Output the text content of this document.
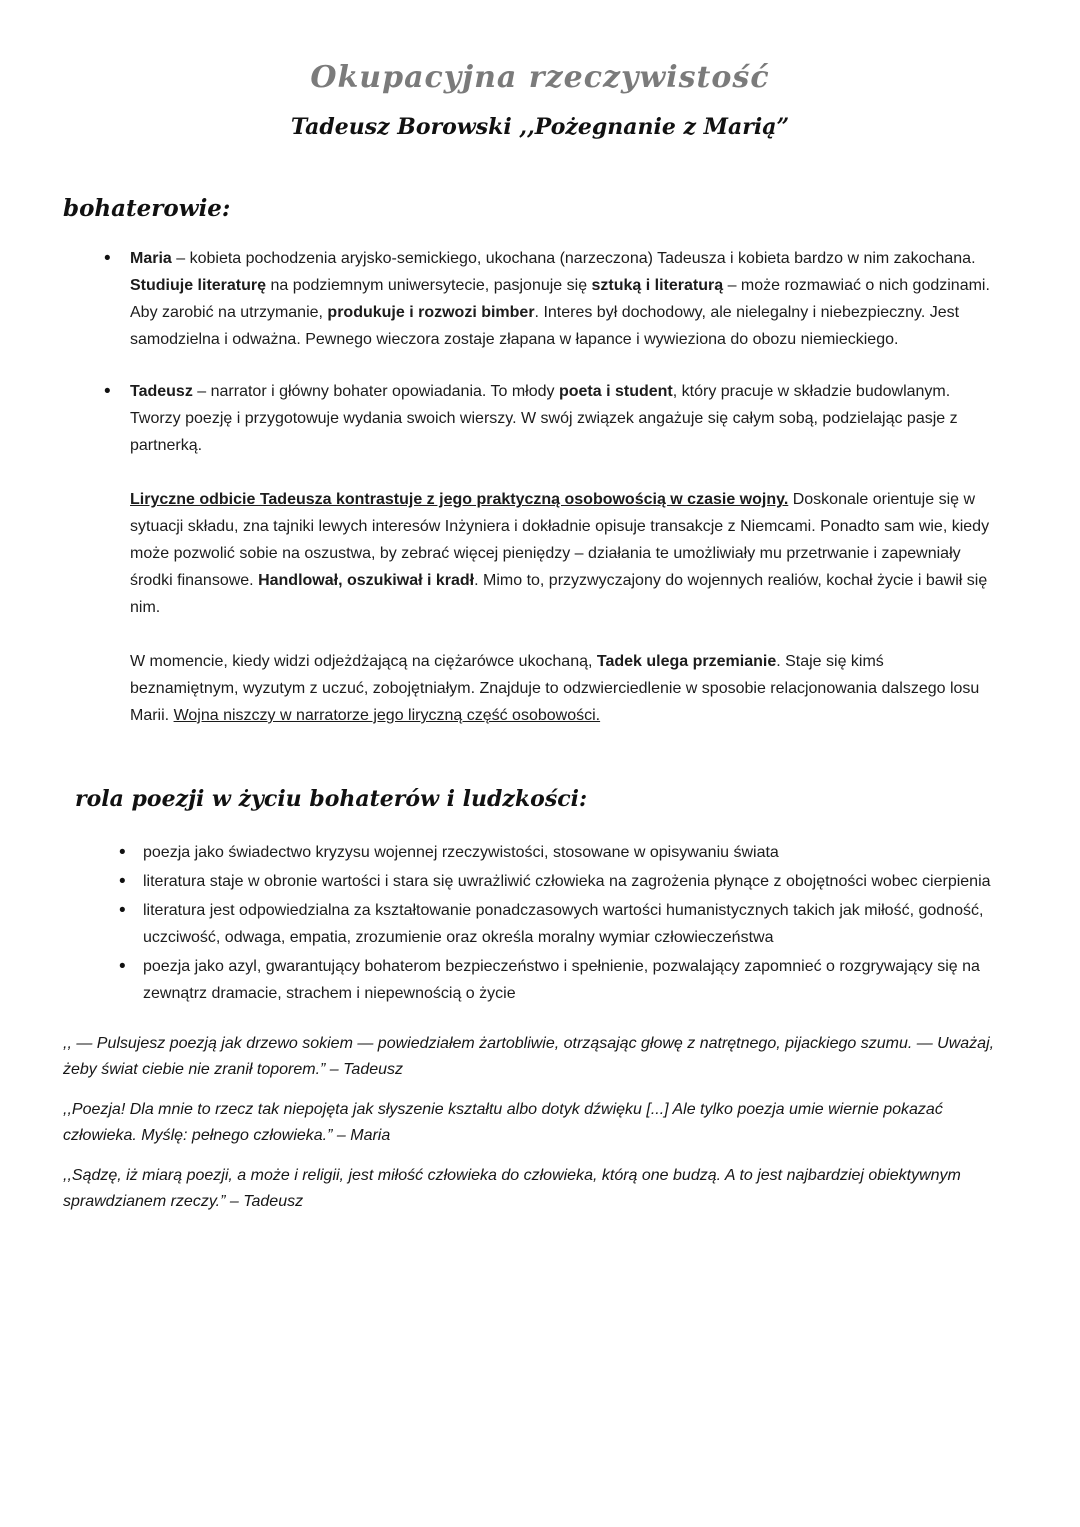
Okupacyjna rzeczywistość
Tadeusz Borowski ,,Pożegnanie z Marią”
bohaterowie:
• Maria – kobieta pochodzenia aryjsko-semickiego, ukochana (narzeczona) Tadeusza i kobieta bardzo w nim zakochana. Studiuje literaturę na podziemnym uniwersytecie, pasjonuje się sztuką i literaturą – może rozmawiać o nich godzinami. Aby zarobić na utrzymanie, produkuje i rozwozi bimber. Interes był dochodowy, ale nielegalny i niebezpieczny. Jest samodzielna i odważna. Pewnego wieczora zostaje złapana w łapance i wywieziona do obozu niemieckiego.
• Tadeusz – narrator i główny bohater opowiadania. To młody poeta i student, który pracuje w składzie budowlanym. Tworzy poezję i przygotowuje wydania swoich wierszy. W swój związek angażuje się całym sobą, podzielając pasje z partnerką.

Liryczne odbicie Tadeusza kontrastuje z jego praktyczną osobowością w czasie wojny. Doskonale orientuje się w sytuacji składu, zna tajniki lewych interesów Inżyniera i dokładnie opisuje transakcje z Niemcami. Ponadto sam wie, kiedy może pozwolić sobie na oszustwa, by zebrać więcej pieniędzy – działania te umożliwiały mu przetrwanie i zapewniały środki finansowe. Handlował, oszukiwał i kradł. Mimo to, przyzwyczajony do wojennych realiów, kochał życie i bawił się nim.

W momencie, kiedy widzi odjeżdżającą na ciężarówce ukochaną, Tadek ulega przemianie. Staje się kimś beznamiętnym, wyzutym z uczuć, zobojętniałym. Znajduje to odzwierciedlenie w sposobie relacjonowania dalszego losu Marii. Wojna niszczy w narratorze jego liryczną część osobowości.

rola poezji w życiu bohaterów i ludzkości:
• poezja jako świadectwo kryzysu wojennej rzeczywistości, stosowane w opisywaniu świata
• literatura staje w obronie wartości i stara się uwrażliwić człowieka na zagrożenia płynące z obojętności wobec cierpienia
• literatura jest odpowiedzialna za kształtowanie ponadczasowych wartości humanistycznych takich jak miłość, godność, uczciwość, odwaga, empatia, zrozumienie oraz określa moralny wymiar człowieczeństwa
• poezja jako azyl, gwarantujący bohaterom bezpieczeństwo i spełnienie, pozwalający zapomnieć o rozgrywający się na zewnątrz dramacie, strachem i niepewnością o życie

,, — Pulsujesz poezją jak drzewo sokiem — powiedziałem żartobliwie, otrząsając głowę z natrętnego, pijackiego szumu. — Uważaj, żeby świat ciebie nie zranił toporem.” – Tadeusz

,,Poezja! Dla mnie to rzecz tak niepojęta jak słyszenie kształtu albo dotyk dźwięku [...] Ale tylko poezja umie wiernie pokazać człowieka. Myślę: pełnego człowieka.” – Maria

,,Sądzę, iż miarą poezji, a może i religii, jest miłość człowieka do człowieka, którą one budzą. A to jest najbardziej obiektywnym sprawdzianem rzeczy.” – Tadeusz
